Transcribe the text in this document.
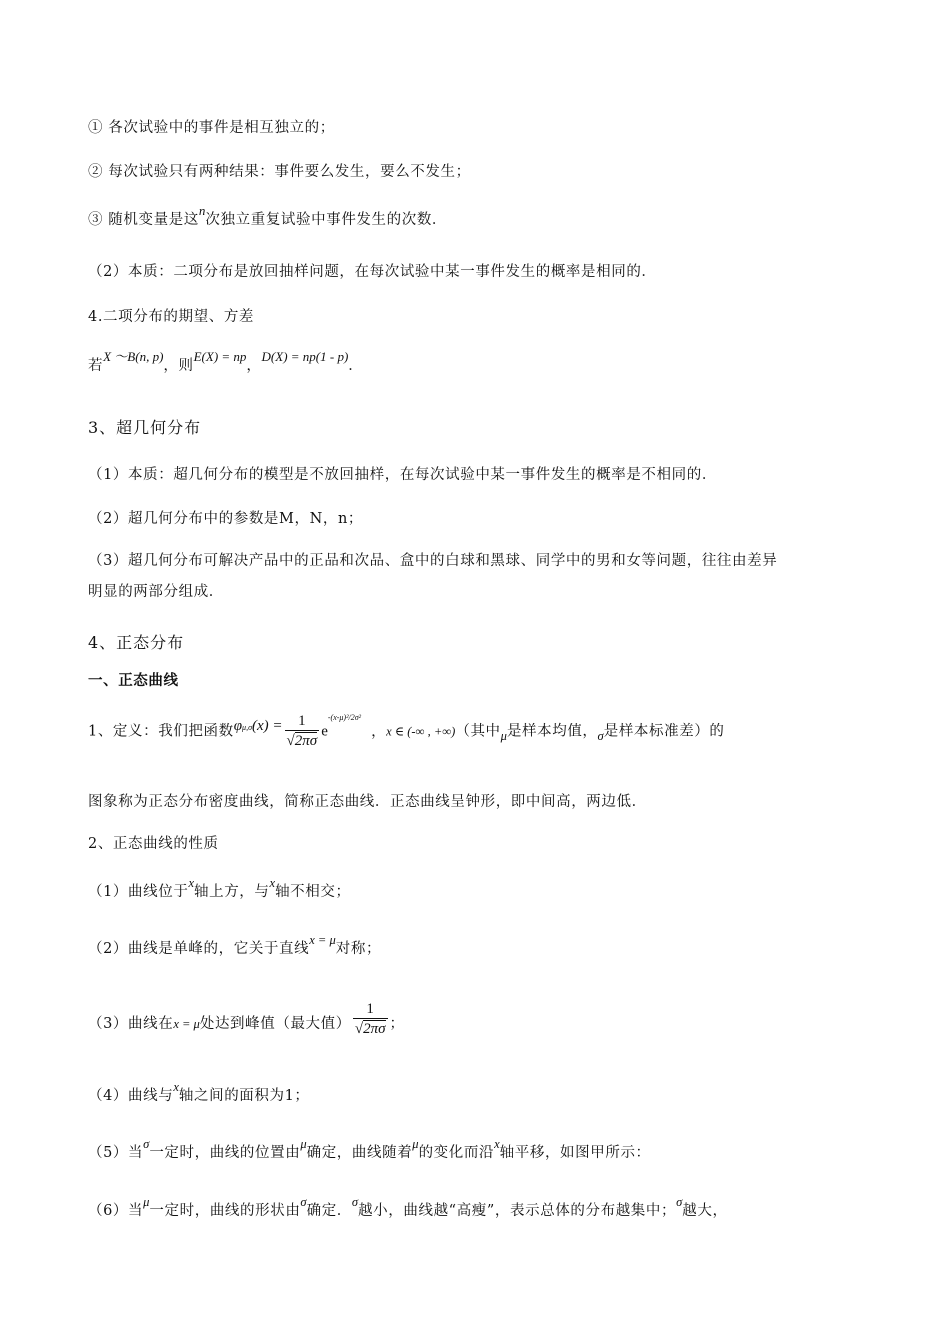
① 各次试验中的事件是相互独立的；
② 每次试验只有两种结果：事件要么发生，要么不发生；
③ 随机变量是这n次独立重复试验中事件发生的次数．
（2）本质：二项分布是放回抽样问题，在每次试验中某一事件发生的概率是相同的．
4.二项分布的期望、方差
若X ～B(n, p)，则E(X) = np，D(X) = np(1 - p)．
3、超几何分布
（1）本质：超几何分布的模型是不放回抽样，在每次试验中某一事件发生的概率是不相同的．
（2）超几何分布中的参数是M，N，n；
（3）超几何分布可解决产品中的正品和次品、盒中的白球和黑球、同学中的男和女等问题，往往由差异
明显的两部分组成．
4、正态分布
一、正态曲线
1、定义：我们把函数$\varphi\mu,\sigma(x) = \frac{1}{√2\pi\sigma} e^{-(x-\mu)^2/2\sigma^2}$，x ∈ (-∞ , +∞)（其中μ是样本均值，σ是样本标准差）的
图象称为正态分布密度曲线，简称正态曲线．正态曲线呈钟形，即中间高，两边低．
2、正态曲线的性质
（1）曲线位于x轴上方，与x轴不相交；
（2）曲线是单峰的，它关于直线x = μ对称；
（3）曲线在x = μ处达到峰值（最大值） $\frac{1}{√2\pi\sigma}$ ；
（4）曲线与x轴之间的面积为1；
（5）当σ一定时，曲线的位置由μ确定，曲线随着μ的变化而沿x轴平移，如图甲所示：
（6）当μ一定时，曲线的形状由σ确定．σ越小，曲线越“高瘦”，表示总体的分布越集中；σ越大，
